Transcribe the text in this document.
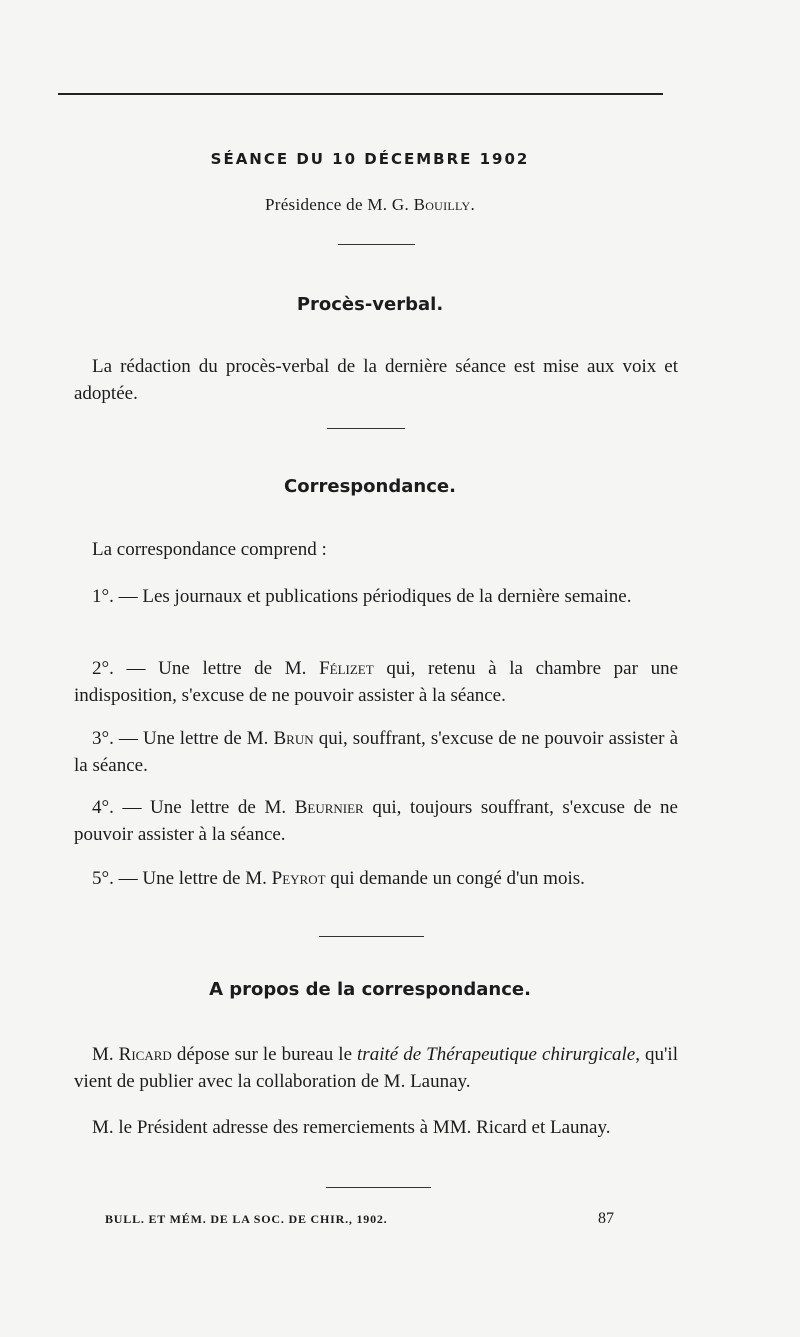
SÉANCE DU 10 DÉCEMBRE 1902
Présidence de M. G. Bouilly.
Procès-verbal.
La rédaction du procès-verbal de la dernière séance est mise aux voix et adoptée.
Correspondance.
La correspondance comprend :
1°. — Les journaux et publications périodiques de la dernière semaine.
2°. — Une lettre de M. Félizet qui, retenu à la chambre par une indisposition, s'excuse de ne pouvoir assister à la séance.
3°. — Une lettre de M. Brun qui, souffrant, s'excuse de ne pouvoir assister à la séance.
4°. — Une lettre de M. Beurnier qui, toujours souffrant, s'excuse de ne pouvoir assister à la séance.
5°. — Une lettre de M. Peyrot qui demande un congé d'un mois.
A propos de la correspondance.
M. Ricard dépose sur le bureau le traité de Thérapeutique chirurgicale, qu'il vient de publier avec la collaboration de M. Launay.
M. le Président adresse des remerciements à MM. Ricard et Launay.
BULL. ET MÉM. DE LA SOC. DE CHIR., 1902.	87
